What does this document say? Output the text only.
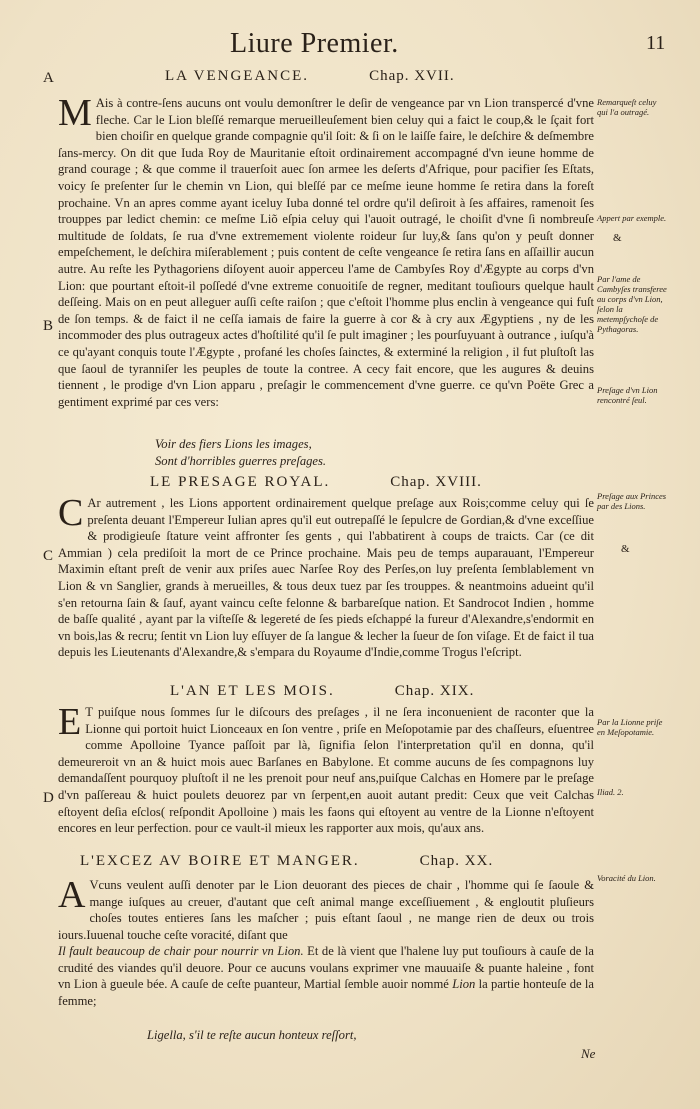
Liure Premier.	11
A
B
C
D
LA VENGEANCE.	Chap. XVII.
M Ais à contre-ſens aucuns ont voulu demonſtrer le deſir de vengeance par vn Lion transpercé d'vne flechе. Car le Lion bleſſé remarque merueilleuſement bien celuy qui a faict le coup,& le ſçait fort bien choiſir en quelque grande compagnie qu'il ſoit: & ſi on le laiſſe faire, le deſchire & deſmembre ſans-mercy. On dit que Iuda Roy de Mauritanie eſtoit ordinairement accompagné d'vn ieune homme de grand courage ; & que comme il trauerſoit auec ſon armee les deſerts d'Afrique, pour pacifier ſes Eſtats, voicy ſe preſenter ſur le chemin vn Lion, qui bleſſé par ce meſme ieune homme ſe retira dans la foreſt prochaine. Vn an apres comme ayant iceluy Iuba donné tel ordre qu'il deſiroit à ſes affaires, ramenoit ſes trouppes par ledict chemin: ce meſme Liõ eſpia celuy qui l'auoit outragé, le choiſit d'vne ſi nombreuſe multitude de ſoldats, ſe rua d'vne extremement violente roideur ſur luy,& ſans qu'on y peuſt donner empeſchement, le deſchira miſerablement ; puis content de ceſte vengeance ſe retira ſans en aſſaillir aucun autre. Au reſte les Pythagoriens diſoyent auoir apperceu l'ame de Cambyſes Roy d'Ægypte au corps d'vn Lion: que pourtant eſtoit-il poſſedé d'vne extreme conuoitiſe de regner, meditant touſiours quelque hault deſſeing. Mais on en peut alleguer auſſi ceſte raiſon ; que c'eſtoit l'homme plus enclin à vengeance qui fuſt de ſon temps. & de faict il ne ceſſa iamais de faire la guerre à cor & à cry aux Ægyptiens , ny de les incommoder des plus outrageux actes d'hoſtilité qu'il ſe pult imaginer ; les pourſuyuant à outrance , iuſqu'à ce qu'ayant conquis toute l'Ægypte , profané les choſes ſainctes, & exterminé la religion , il fut pluſtoſt las que ſaoul de tyranniſer les peuples de toute la contree. A cecy fait encore, que les augures & deuins tiennent , le prodige d'vn Lion apparu , preſagir le commencement d'vne guerre. ce qu'vn Poëte Grec a gentiment exprimé par ces vers:
Voir des fiers Lions les images,
Sont d'horribles guerres preſages.
LE PRESAGE ROYAL.	Chap. XVIII.
C Ar autrement , les Lions apportent ordinairement quelque preſage aux Rois;comme celuy qui ſe preſenta deuant l'Empereur Iulian apres qu'il eut outrepaſſé le ſepulcre de Gordian,& d'vne exceſſiue & prodigieuſe ſtature veint affronter ſes gents , qui l'abbatirent à coups de traicts. Car (ce dit Ammian ) cela prediſoit la mort de ce Prince prochaine. Mais peu de temps auparauant, l'Empereur Maximin eſtant preſt de venir aux priſes auec Narſee Roy des Perſes,on luy preſenta ſemblablement vn Lion & vn Sanglier, grands à merueilles, & tous deux tuez par ſes trouppes. & neantmoins adueint qu'il s'en retourna ſain & ſauf, ayant vaincu ceſte felonne & barbareſque nation. Et Sandrocot Indien , homme de baſſe qualité , ayant par la viſteſſe & legereté de ſes pieds eſchappé la fureur d'Alexandre,s'endormit en vn bois,las & recru; ſentit vn Lion luy eſſuyer de ſa langue & lecher la ſueur de ſon viſage. Et de faict il tua depuis les Lieutenants d'Alexandre,& s'empara du Royaume d'Indie,comme Trogus l'eſcript.
L'AN ET LES MOIS.	Chap. XIX.
E T puiſque nous ſommes ſur le diſcours des preſages , il ne ſera inconuenient de raconter que la Lionne qui portoit huict Lionceaux en ſon ventre , priſe en Meſopotamie par des chaſſeurs, eſuentree comme Apolloine Tyance paſſoit par là, ſignifia ſelon l'interpretation qu'il en donna, qu'il demeureroit vn an & huict mois auec Barſanes en Babylone. Et comme aucuns de ſes compagnons luy demandaſſent pourquoy pluſtoſt il ne les prenoit pour neuf ans,puiſque Calchas en Homere par le preſage d'vn paſſereau & huict poulets deuorez par vn ſerpent,en auoit autant predit: Ceux que veit Calchas eſtoyent deſia eſclos( reſpondit Apolloine ) mais les faons qui eſtoyent au ventre de la Lionne n'eſtoyent encores en leur perfection. pour ce vault-il mieux les rapporter aux mois, qu'aux ans.
L'EXCEZ AV BOIRE ET MANGER.	Chap. XX.
A Vcuns veulent auſſi denoter par le Lion deuorant des pieces de chair , l'homme qui ſe ſaoule & mange iuſques au creuer, d'autant que ceſt animal mange exceſſiuement , & engloutit pluſieurs choſes toutes entieres ſans les maſcher ; puis eſtant ſaoul , ne mange rien de deux ou trois iours.Iuuenal touche ceſte voracité, diſant que
Il fault beaucoup de chair pour nourrir vn Lion. Et de là vient que l'halene luy put touſiours à cauſe de la crudité des viandes qu'il deuore. Pour ce aucuns voulans exprimer vne mauuaiſe & puante haleine , font vn Lion à gueule bée. A cauſe de ceſte puanteur, Martial ſemble auoir nommé Lion la partie honteuſe de la femme;
Ligella, s'il te reſte aucun honteux reſſort,
Ne
Remarqueſt celuy qui l'a outragé.
Appert par exemple.
&
Par l'ame de Cambyſes transferee au corps d'vn Lion, ſelon la metempſychoſe de Pythagoras.
Preſage d'vn Lion rencontré ſeul.
Preſage aux Princes par des Lions.
&
Par la Lionne priſe en Meſopotamie.
Iliad. 2.
Voracité du Lion.
